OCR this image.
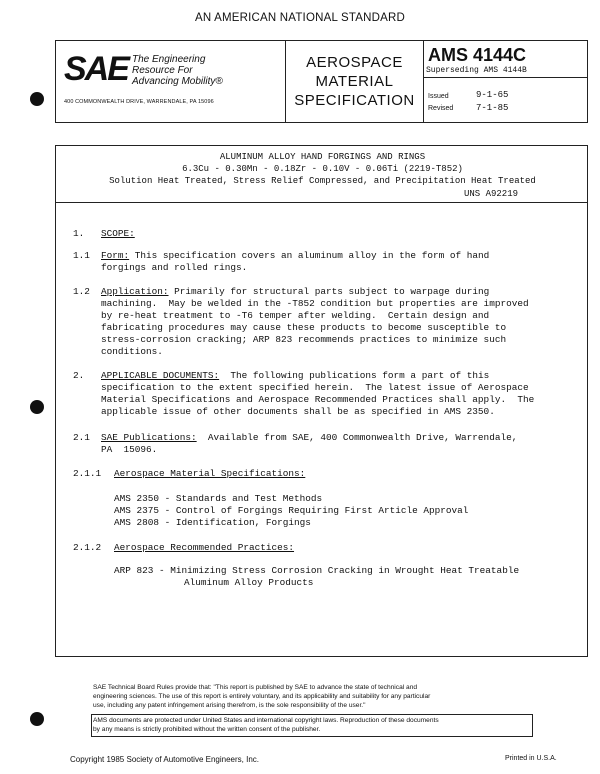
AN AMERICAN NATIONAL STANDARD
SAE The Engineering
Resource For
Advancing Mobility®
400 COMMONWEALTH DRIVE, WARRENDALE, PA 15096
AEROSPACE
MATERIAL
SPECIFICATION
AMS 4144C
Superseding AMS 4144B
Issued	9-1-65
Revised	7-1-85
ALUMINUM ALLOY HAND FORGINGS AND RINGS
6.3Cu - 0.30Mn - 0.18Zr - 0.10V - 0.06Ti (2219-T852)
Solution Heat Treated, Stress Relief Compressed, and Precipitation Heat Treated
UNS A92219
1. SCOPE:
1.1 Form: This specification covers an aluminum alloy in the form of hand
forgings and rolled rings.
1.2 Application: Primarily for structural parts subject to warpage during
machining.  May be welded in the -T852 condition but properties are improved
by re-heat treatment to -T6 temper after welding.  Certain design and
fabricating procedures may cause these products to become susceptible to
stress-corrosion cracking; ARP 823 recommends practices to minimize such
conditions.
2. APPLICABLE DOCUMENTS:  The following publications form a part of this
specification to the extent specified herein.  The latest issue of Aerospace
Material Specifications and Aerospace Recommended Practices shall apply.  The
applicable issue of other documents shall be as specified in AMS 2350.
2.1 SAE Publications:  Available from SAE, 400 Commonwealth Drive, Warrendale,
PA  15096.
2.1.1 Aerospace Material Specifications:
AMS 2350 - Standards and Test Methods
AMS 2375 - Control of Forgings Requiring First Article Approval
AMS 2808 - Identification, Forgings
2.1.2 Aerospace Recommended Practices:
ARP 823 - Minimizing Stress Corrosion Cracking in Wrought Heat Treatable
Aluminum Alloy Products
SAE Technical Board Rules provide that: "This report is published by SAE to advance the state of technical and
engineering sciences. The use of this report is entirely voluntary, and its applicability and suitability for any particular
use, including any patent infringement arising therefrom, is the sole responsibility of the user."
AMS documents are protected under United States and international copyright laws. Reproduction of these documents
by any means is strictly prohibited without the written consent of the publisher.
Copyright 1985 Society of Automotive Engineers, Inc.	Printed in U.S.A.
